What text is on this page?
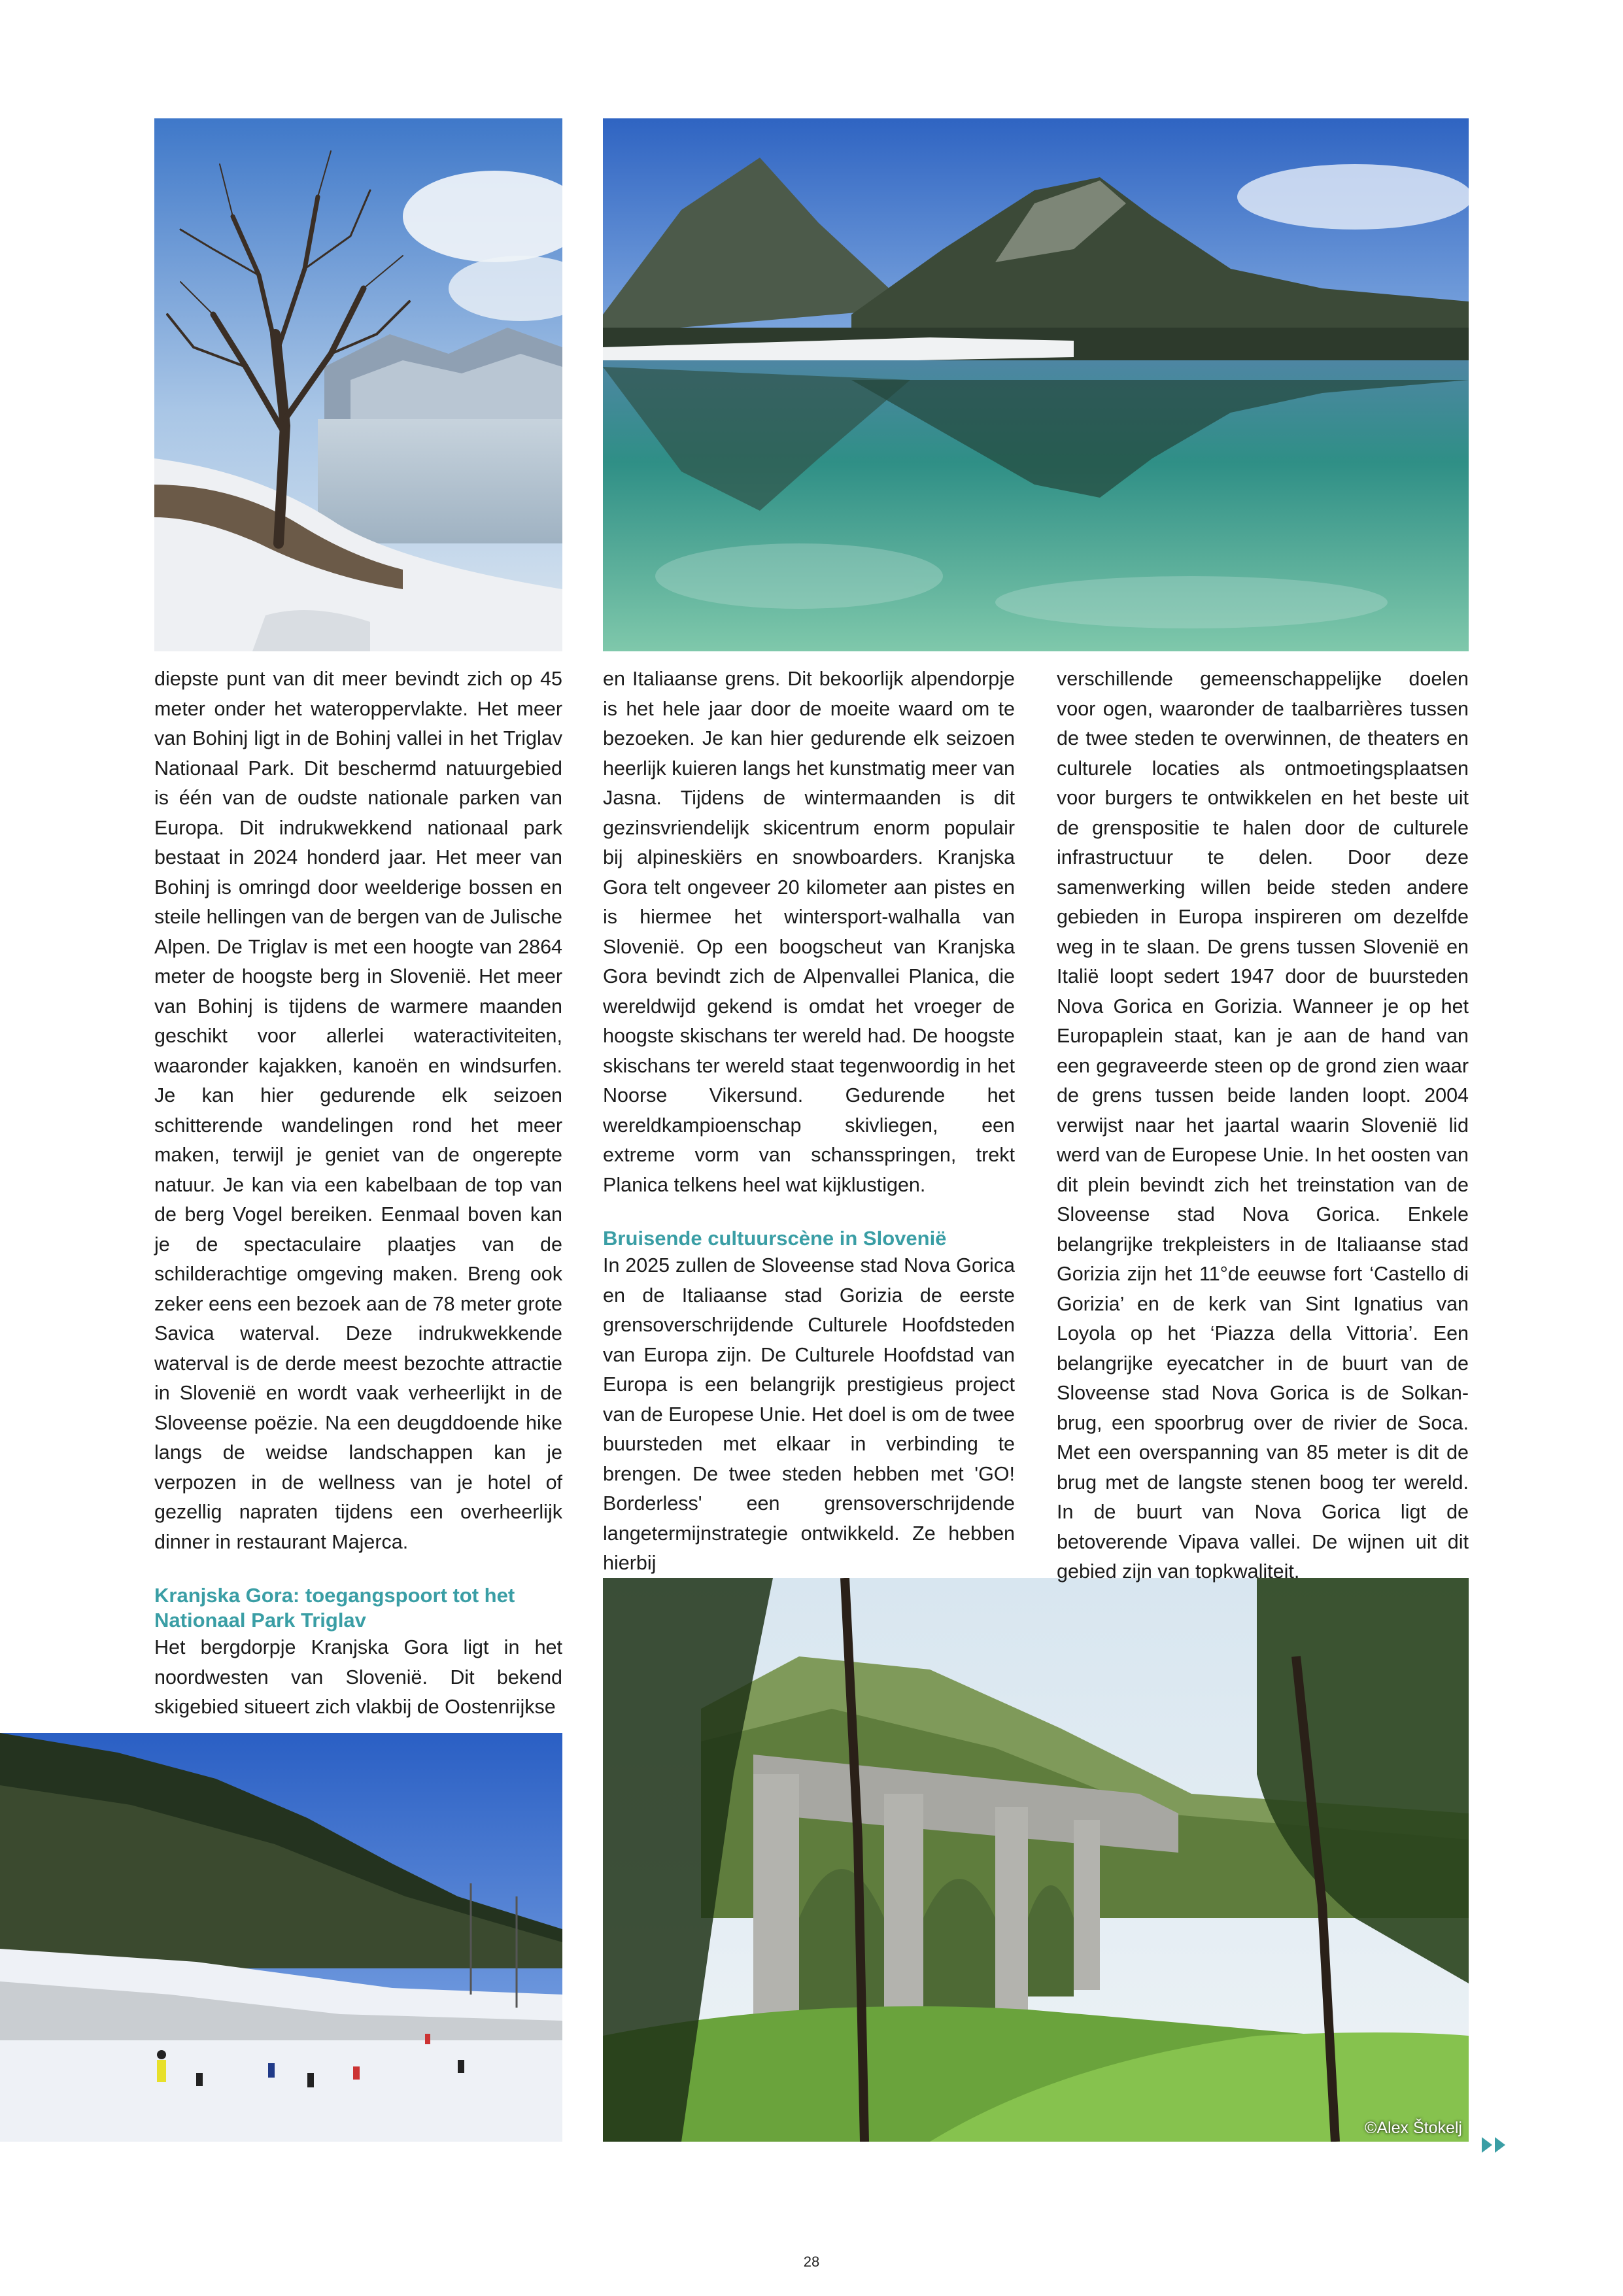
©Alex Štokelj

diepste punt van dit meer bevindt zich op 45 meter onder het wateroppervlakte. Het meer van Bohinj ligt in de Bohinj vallei in het Triglav Nationaal Park. Dit beschermd natuurgebied is één van de oudste nationale parken van Europa. Dit indrukwekkend nationaal park bestaat in 2024 honderd jaar. Het meer van Bohinj is omringd door weelderige bossen en steile hellingen van de bergen van de Julische Alpen. De Triglav is met een hoogte van 2864 meter de hoogste berg in Slovenië. Het meer van Bohinj is tijdens de warmere maanden geschikt voor allerlei wateractiviteiten, waaronder kajakken, kanoën en windsurfen. Je kan hier gedurende elk seizoen schitterende wandelingen rond het meer maken, terwijl je geniet van de ongerepte natuur. Je kan via een kabelbaan de top van de berg Vogel bereiken. Eenmaal boven kan je de spectaculaire plaatjes van de schilderachtige omgeving maken. Breng ook zeker eens een bezoek aan de 78 meter grote Savica waterval. Deze indrukwekkende waterval is de derde meest bezochte attractie in Slovenië en wordt vaak verheerlijkt in de Sloveense poëzie. Na een deugddoende hike langs de weidse landschappen kan je verpozen in de wellness van je hotel of gezellig napraten tijdens een overheerlijk dinner in restaurant Majerca.

Kranjska Gora: toegangspoort tot het Nationaal Park Triglav

Het bergdorpje Kranjska Gora ligt in het noordwesten van Slovenië. Dit bekend skigebied situeert zich vlakbij de Oostenrijkse

en Italiaanse grens. Dit bekoorlijk alpendorpje is het hele jaar door de moeite waard om te bezoeken. Je kan hier gedurende elk seizoen heerlijk kuieren langs het kunstmatig meer van Jasna. Tijdens de wintermaanden is dit gezinsvriendelijk skicentrum enorm populair bij alpineskiërs en snowboarders. Kranjska Gora telt ongeveer 20 kilometer aan pistes en is hiermee het wintersport-walhalla van Slovenië. Op een boogscheut van Kranjska Gora bevindt zich de Alpenvallei Planica, die wereldwijd gekend is omdat het vroeger de hoogste skischans ter wereld had. De hoogste skischans ter wereld staat tegenwoordig in het Noorse Vikersund. Gedurende het wereldkampioenschap skivliegen, een extreme vorm van schansspringen, trekt Planica telkens heel wat kijklustigen.

Bruisende cultuurscène in Slovenië

In 2025 zullen de Sloveense stad Nova Gorica en de Italiaanse stad Gorizia de eerste grensoverschrijdende Culturele Hoofdsteden van Europa zijn. De Culturele Hoofdstad van Europa is een belangrijk prestigieus project van de Europese Unie. Het doel is om de twee buursteden met elkaar in verbinding te brengen. De twee steden hebben met 'GO! Borderless' een grensoverschrijdende langetermijnstrategie ontwikkeld. Ze hebben hierbij

verschillende gemeenschappelijke doelen voor ogen, waaronder de taalbarrières tussen de twee steden te overwinnen, de theaters en culturele locaties als ontmoetingsplaatsen voor burgers te ontwikkelen en het beste uit de grenspositie te halen door de culturele infrastructuur te delen. Door deze samenwerking willen beide steden andere gebieden in Europa inspireren om dezelfde weg in te slaan. De grens tussen Slovenië en Italië loopt sedert 1947 door de buursteden Nova Gorica en Gorizia. Wanneer je op het Europaplein staat, kan je aan de hand van een gegraveerde steen op de grond zien waar de grens tussen beide landen loopt. 2004 verwijst naar het jaartal waarin Slovenië lid werd van de Europese Unie. In het oosten van dit plein bevindt zich het treinstation van de Sloveense stad Nova Gorica. Enkele belangrijke trekpleisters in de Italiaanse stad Gorizia zijn het 11°de eeuwse fort ‘Castello di Gorizia’ en de kerk van Sint Ignatius van Loyola op het ‘Piazza della Vittoria’. Een belangrijke eyecatcher in de buurt van de Sloveense stad Nova Gorica is de Solkan-brug, een spoorbrug over de rivier de Soca. Met een overspanning van 85 meter is dit de brug met de langste stenen boog ter wereld. In de buurt van Nova Gorica ligt de betoverende Vipava vallei. De wijnen uit dit gebied zijn van topkwaliteit.

28
